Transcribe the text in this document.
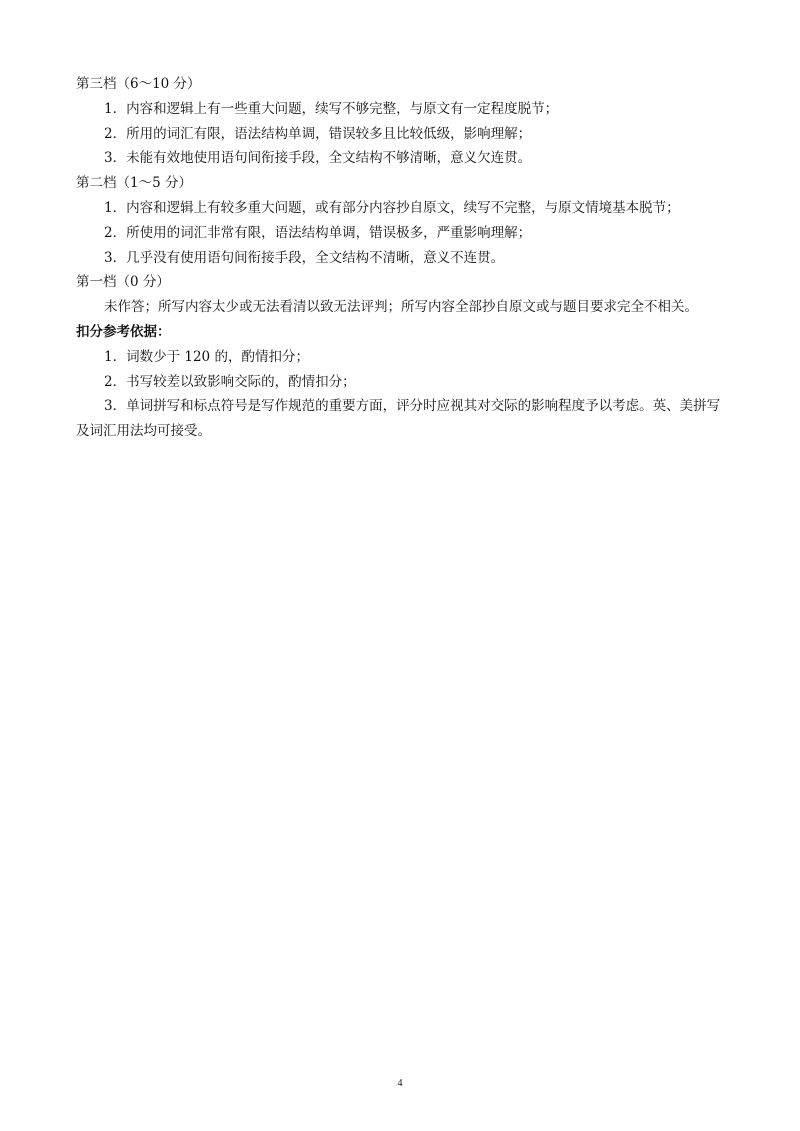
第三档（6～10 分）
1．内容和逻辑上有一些重大问题，续写不够完整，与原文有一定程度脱节；
2．所用的词汇有限，语法结构单调，错误较多且比较低级，影响理解；
3．未能有效地使用语句间衔接手段，全文结构不够清晰，意义欠连贯。
第二档（1～5 分）
1．内容和逻辑上有较多重大问题，或有部分内容抄自原文，续写不完整，与原文情境基本脱节；
2．所使用的词汇非常有限，语法结构单调，错误极多，严重影响理解；
3．几乎没有使用语句间衔接手段，全文结构不清晰，意义不连贯。
第一档（0 分）
未作答；所写内容太少或无法看清以致无法评判；所写内容全部抄自原文或与题目要求完全不相关。
扣分参考依据：
1．词数少于 120 的，酌情扣分；
2．书写较差以致影响交际的，酌情扣分；
3．单词拼写和标点符号是写作规范的重要方面，评分时应视其对交际的影响程度予以考虑。英、美拼写及词汇用法均可接受。
4
